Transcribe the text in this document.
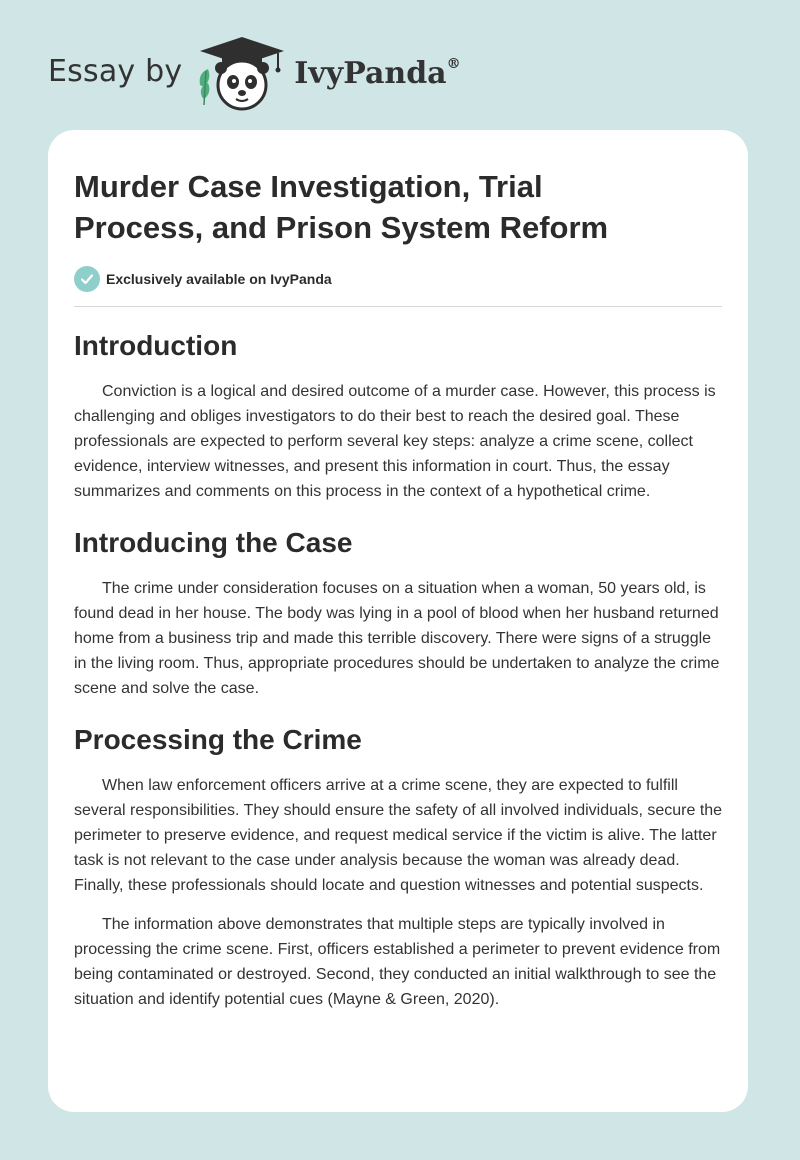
Essay by	IvyPanda®
Murder Case Investigation, Trial Process, and Prison System Reform
Exclusively available on IvyPanda
Introduction

Conviction is a logical and desired outcome of a murder case. However, this process is challenging and obliges investigators to do their best to reach the desired goal. These professionals are expected to perform several key steps: analyze a crime scene, collect evidence, interview witnesses, and present this information in court. Thus, the essay summarizes and comments on this process in the context of a hypothetical crime.

Introducing the Case

The crime under consideration focuses on a situation when a woman, 50 years old, is found dead in her house. The body was lying in a pool of blood when her husband returned home from a business trip and made this terrible discovery. There were signs of a struggle in the living room. Thus, appropriate procedures should be undertaken to analyze the crime scene and solve the case.

Processing the Crime

When law enforcement officers arrive at a crime scene, they are expected to fulfill several responsibilities. They should ensure the safety of all involved individuals, secure the perimeter to preserve evidence, and request medical service if the victim is alive. The latter task is not relevant to the case under analysis because the woman was already dead. Finally, these professionals should locate and question witnesses and potential suspects.

The information above demonstrates that multiple steps are typically involved in processing the crime scene. First, officers established a perimeter to prevent evidence from being contaminated or destroyed. Second, they conducted an initial walkthrough to see the situation and identify potential cues (Mayne & Green, 2020).
